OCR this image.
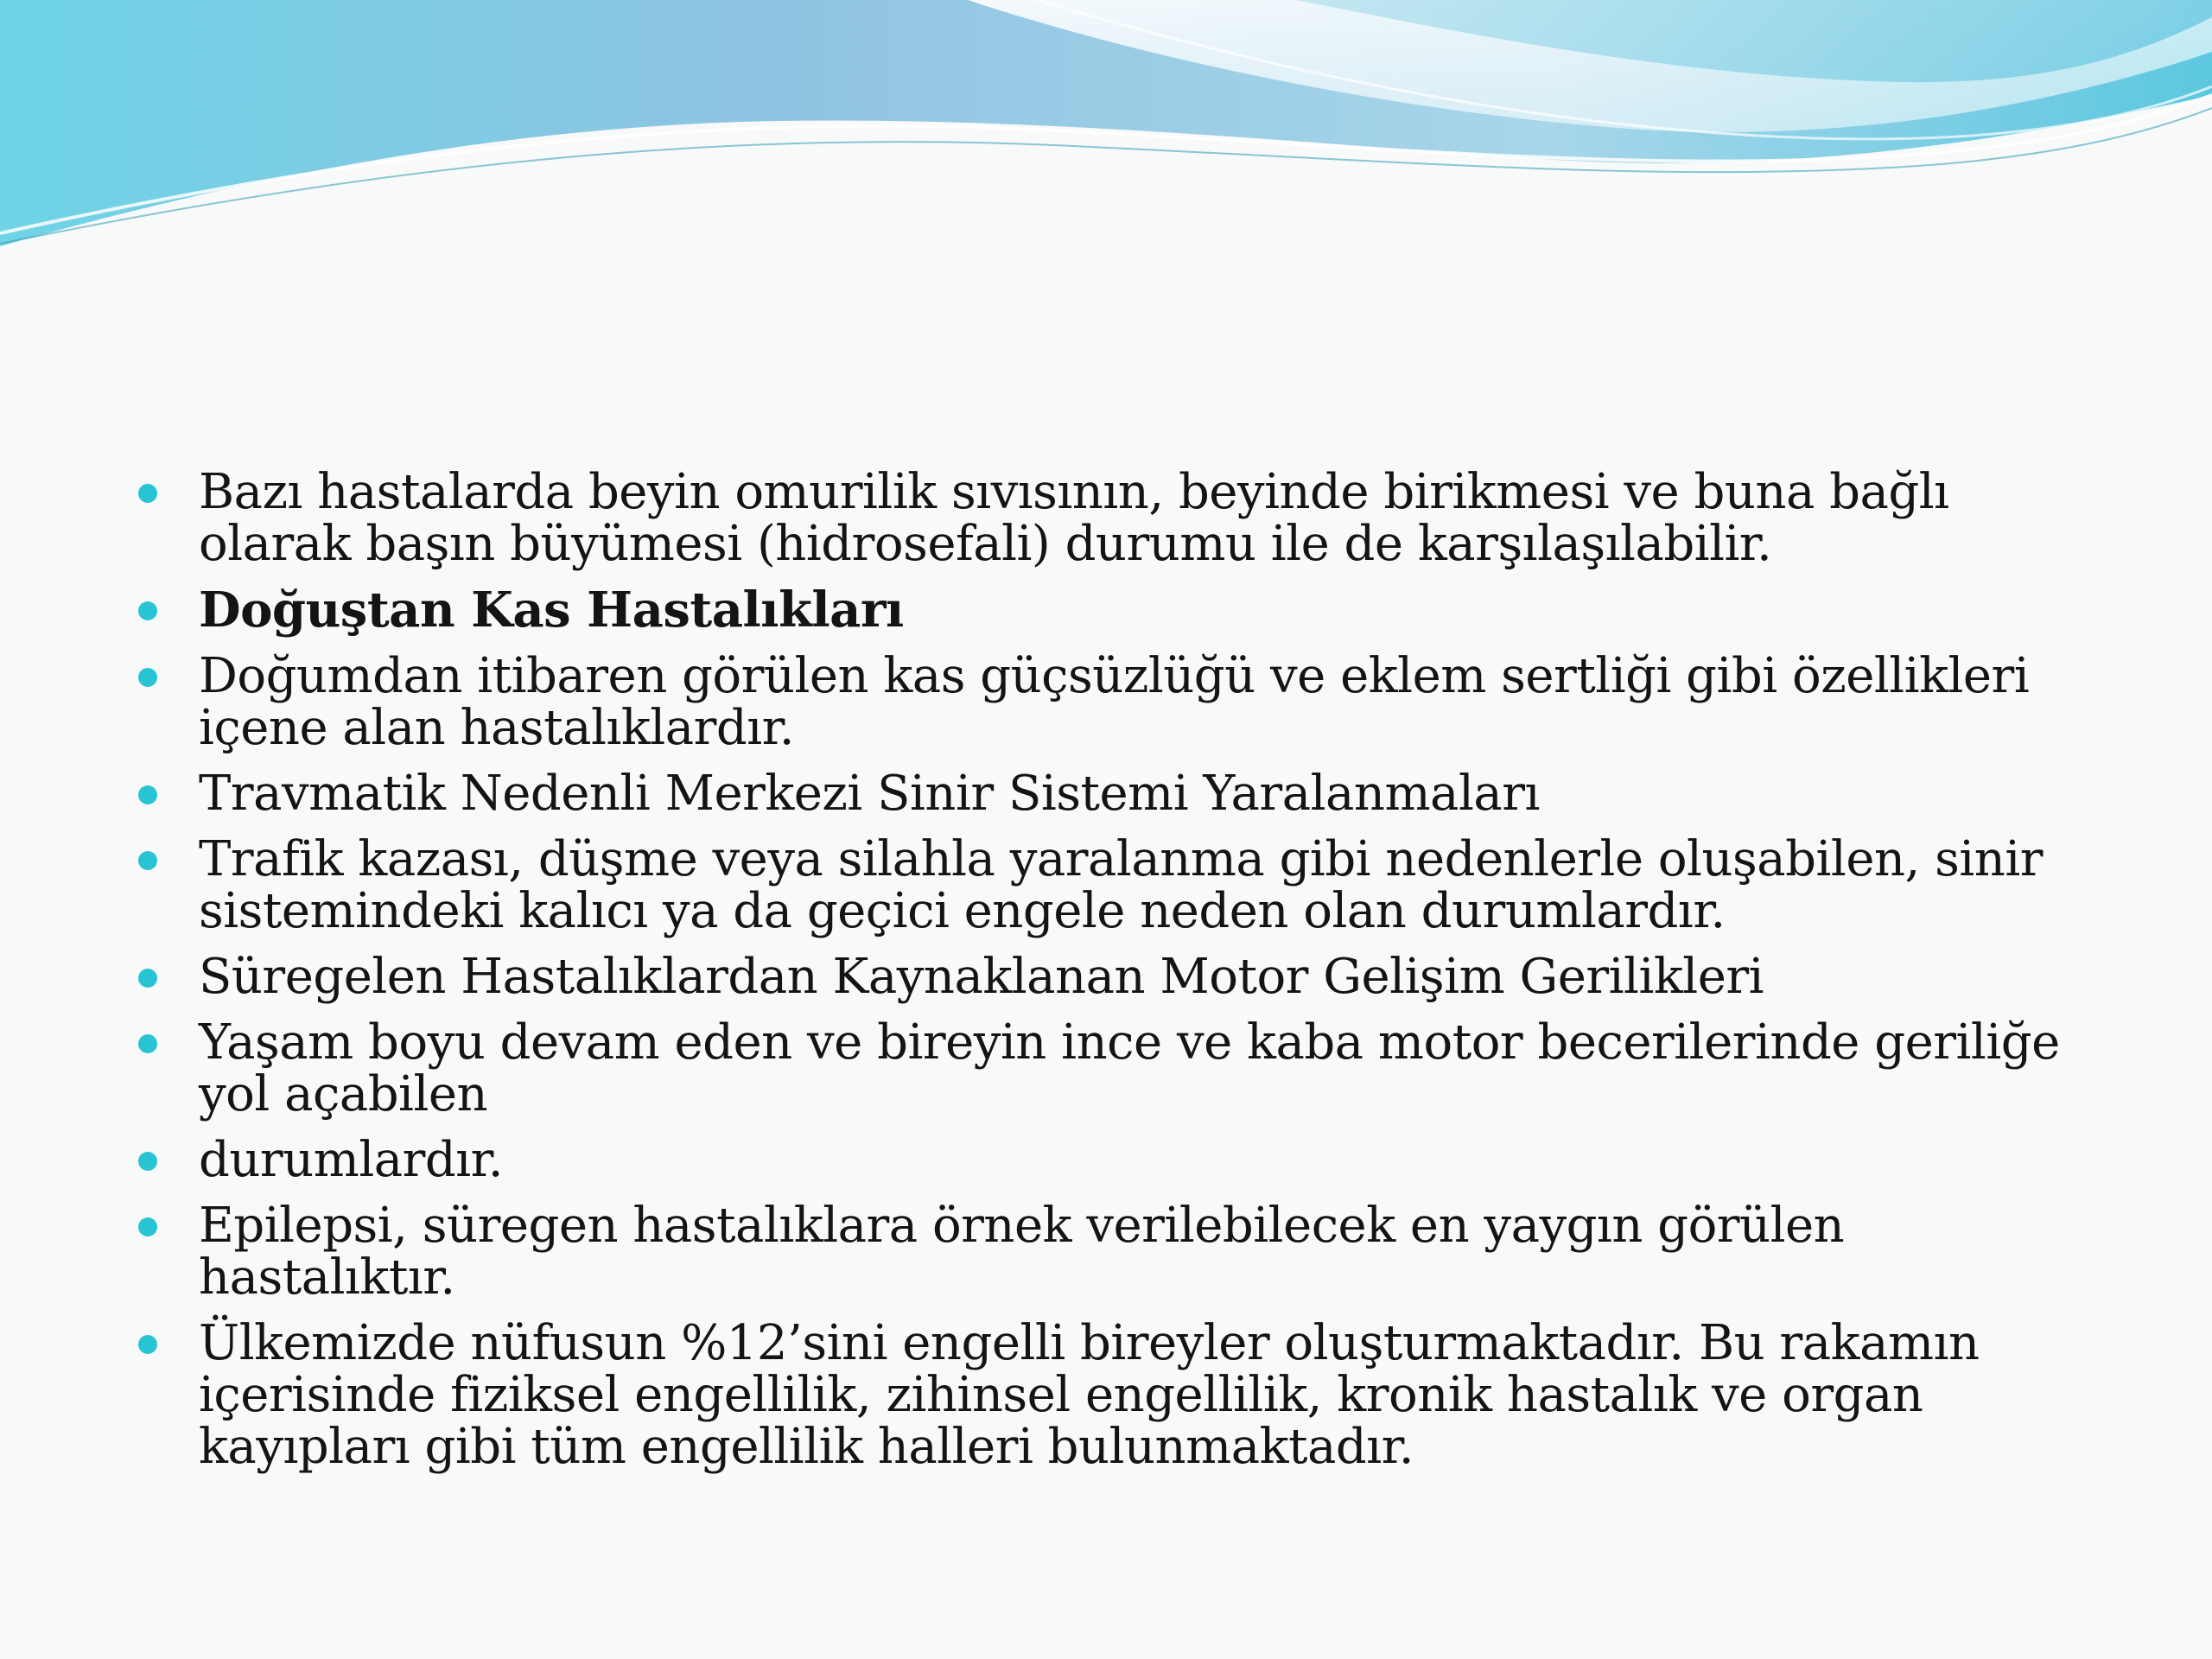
Bazı hastalarda beyin omurilik sıvısının, beyinde birikmesi ve buna bağlı olarak başın büyümesi (hidrosefali) durumu ile de karşılaşılabilir.
Doğuştan Kas Hastalıkları
Doğumdan itibaren görülen kas güçsüzlüğü ve eklem sertliği gibi özellikleri içene alan hastalıklardır.
Travmatik Nedenli Merkezi Sinir Sistemi Yaralanmaları
Trafik kazası, düşme veya silahla yaralanma gibi nedenlerle oluşabilen, sinir sistemindeki kalıcı ya da geçici engele neden olan durumlardır.
Süregelen Hastalıklardan Kaynaklanan Motor Gelişim Gerilikleri
Yaşam boyu devam eden ve bireyin ince ve kaba motor becerilerinde geriliğe yol açabilen
durumlardır.
Epilepsi, süregen hastalıklara örnek verilebilecek en yaygın görülen hastalıktır.
Ülkemizde nüfusun %12’sini engelli bireyler oluşturmaktadır. Bu rakamın içerisinde fiziksel engellilik, zihinsel engellilik, kronik hastalık ve organ kayıpları gibi tüm engellilik halleri bulunmaktadır.
